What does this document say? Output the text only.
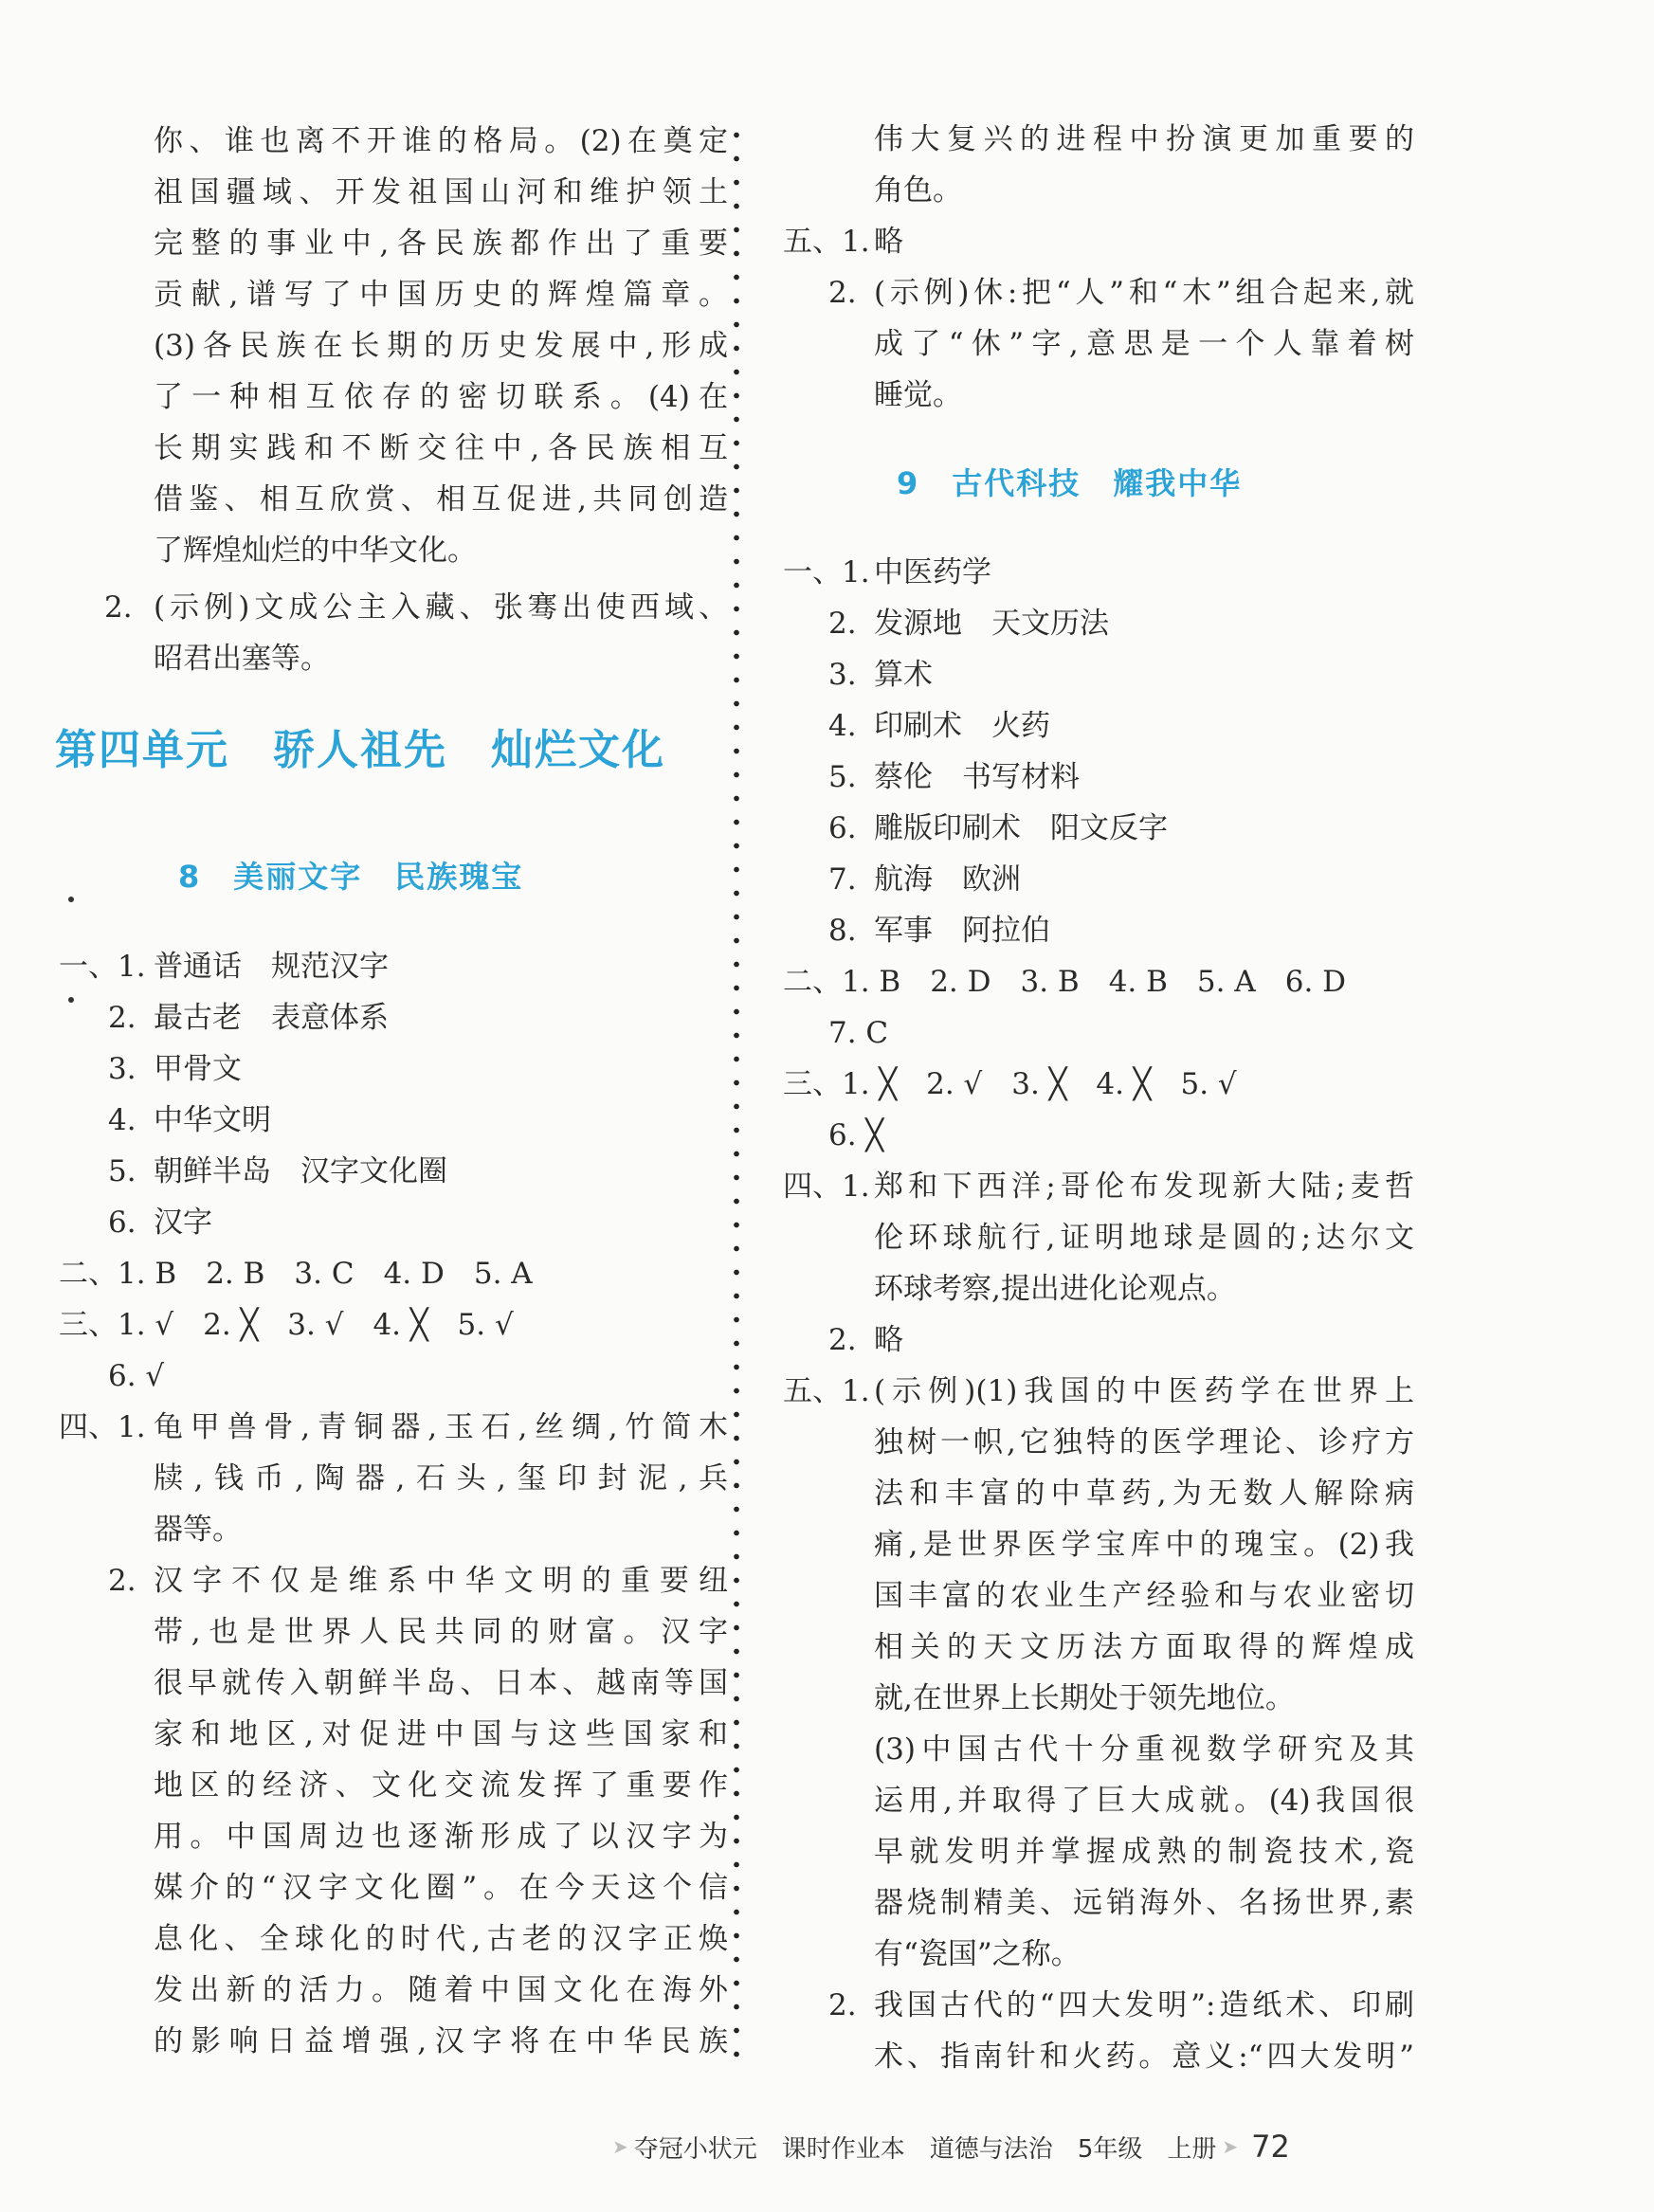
你、谁也离不开谁的格局。(2)在奠定
祖国疆域、开发祖国山河和维护领土
完整的事业中,各民族都作出了重要
贡献,谱写了中国历史的辉煌篇章。
(3)各民族在长期的历史发展中,形成
了一种相互依存的密切联系。(4)在
长期实践和不断交往中,各民族相互
借鉴、相互欣赏、相互促进,共同创造
了辉煌灿烂的中华文化。
2. (示例)文成公主入藏、张骞出使西域、
昭君出塞等。
第四单元　骄人祖先　灿烂文化
8　美丽文字　民族瑰宝
一、1. 普通话　规范汉字
2. 最古老　表意体系
3. 甲骨文
4. 中华文明
5. 朝鲜半岛　汉字文化圈
6. 汉字
二、1. B　2. B　3. C　4. D　5. A
三、1. √　2. ╳　3. √　4. ╳　5. √
6. √
四、1. 龟甲兽骨,青铜器,玉石,丝绸,竹简木
牍,钱币,陶器,石头,玺印封泥,兵
器等。
2. 汉字不仅是维系中华文明的重要纽
带,也是世界人民共同的财富。汉字
很早就传入朝鲜半岛、日本、越南等国
家和地区,对促进中国与这些国家和
地区的经济、文化交流发挥了重要作
用。中国周边也逐渐形成了以汉字为
媒介的“汉字文化圈”。在今天这个信
息化、全球化的时代,古老的汉字正焕
发出新的活力。随着中国文化在海外
的影响日益增强,汉字将在中华民族
伟大复兴的进程中扮演更加重要的
角色。
五、1. 略
2. (示例)休:把“人”和“木”组合起来,就
成了“休”字,意思是一个人靠着树
睡觉。
9　古代科技　耀我中华
一、1. 中医药学
2. 发源地　天文历法
3. 算术
4. 印刷术　火药
5. 蔡伦　书写材料
6. 雕版印刷术　阳文反字
7. 航海　欧洲
8. 军事　阿拉伯
二、1. B　2. D　3. B　4. B　5. A　6. D
7. C
三、1. ╳　2. √　3. ╳　4. ╳　5. √
6. ╳
四、1. 郑和下西洋;哥伦布发现新大陆;麦哲
伦环球航行,证明地球是圆的;达尔文
环球考察,提出进化论观点。
2. 略
五、1. (示例)(1)我国的中医药学在世界上
独树一帜,它独特的医学理论、诊疗方
法和丰富的中草药,为无数人解除病
痛,是世界医学宝库中的瑰宝。(2)我
国丰富的农业生产经验和与农业密切
相关的天文历法方面取得的辉煌成
就,在世界上长期处于领先地位。
(3)中国古代十分重视数学研究及其
运用,并取得了巨大成就。(4)我国很
早就发明并掌握成熟的制瓷技术,瓷
器烧制精美、远销海外、名扬世界,素
有“瓷国”之称。
2. 我国古代的“四大发明”:造纸术、印刷
术、指南针和火药。意义:“四大发明”
➤ 夺冠小状元 课时作业本 道德与法治 5年级 上册 ➤ 72
